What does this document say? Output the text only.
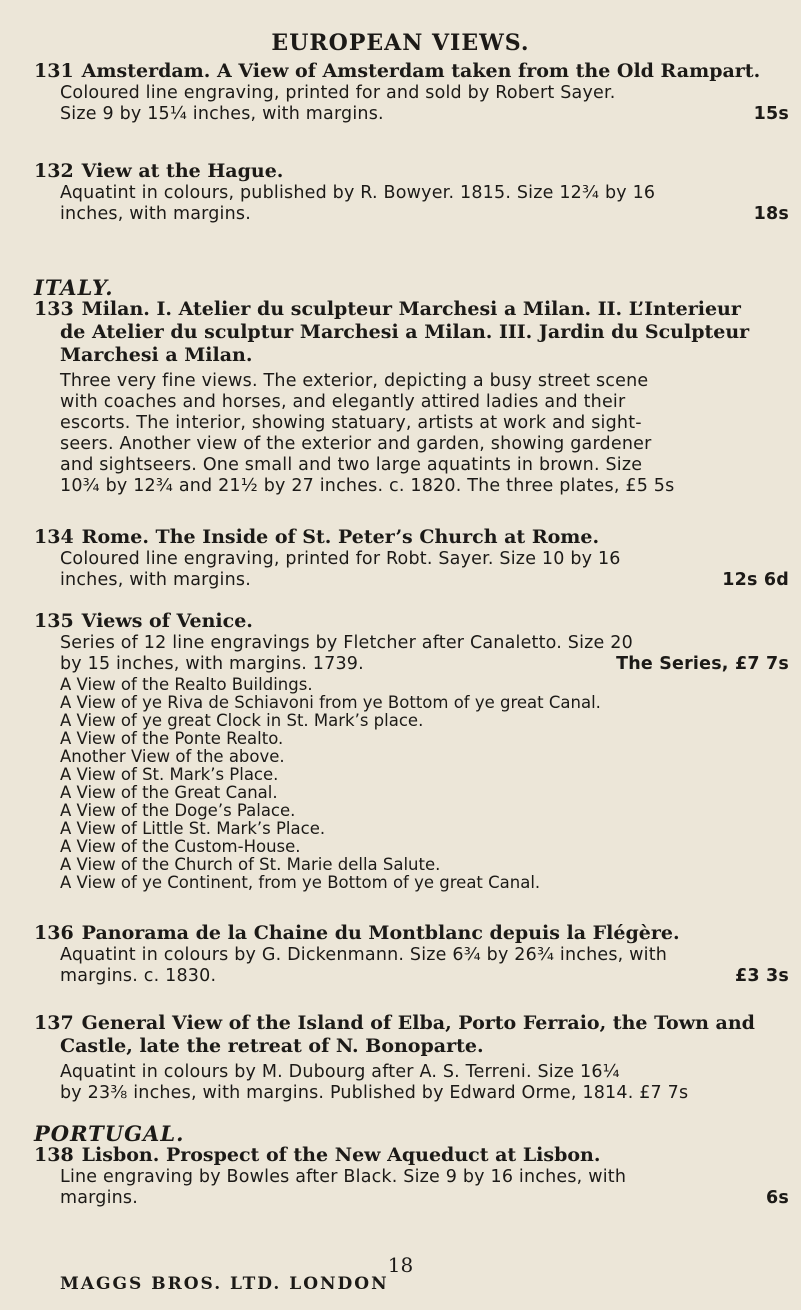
EUROPEAN VIEWS.
131 Amsterdam. A View of Amsterdam taken from the Old Rampart.
Coloured line engraving, printed for and sold by Robert Sayer.
Size 9 by 15¼ inches, with margins.	15s
132 View at the Hague.
Aquatint in colours, published by R. Bowyer. 1815. Size 12¾ by 16
inches, with margins.	18s
ITALY.
133 Milan. I. Atelier du sculpteur Marchesi a Milan. II. L’Interieur
de Atelier du sculptur Marchesi a Milan. III. Jardin du Sculpteur
Marchesi a Milan.
Three very fine views. The exterior, depicting a busy street scene
with coaches and horses, and elegantly attired ladies and their
escorts. The interior, showing statuary, artists at work and sight-
seers. Another view of the exterior and garden, showing gardener
and sightseers. One small and two large aquatints in brown. Size
10¾ by 12¾ and 21½ by 27 inches. c. 1820. The three plates, £5 5s
134 Rome. The Inside of St. Peter’s Church at Rome.
Coloured line engraving, printed for Robt. Sayer. Size 10 by 16
inches, with margins.	12s 6d
135 Views of Venice.
Series of 12 line engravings by Fletcher after Canaletto. Size 20
by 15 inches, with margins. 1739.	The Series, £7 7s
A View of the Realto Buildings.
A View of ye Riva de Schiavoni from ye Bottom of ye great Canal.
A View of ye great Clock in St. Mark’s place.
A View of the Ponte Realto.
Another View of the above.
A View of St. Mark’s Place.
A View of the Great Canal.
A View of the Doge’s Palace.
A View of Little St. Mark’s Place.
A View of the Custom-House.
A View of the Church of St. Marie della Salute.
A View of ye Continent, from ye Bottom of ye great Canal.
136 Panorama de la Chaine du Montblanc depuis la Flégère.
Aquatint in colours by G. Dickenmann. Size 6¾ by 26¾ inches, with
margins. c. 1830.	£3 3s
137 General View of the Island of Elba, Porto Ferraio, the Town and
Castle, late the retreat of N. Bonoparte.
Aquatint in colours by M. Dubourg after A. S. Terreni. Size 16¼
by 23⅜ inches, with margins. Published by Edward Orme, 1814. £7 7s
PORTUGAL.
138 Lisbon. Prospect of the New Aqueduct at Lisbon.
Line engraving by Bowles after Black. Size 9 by 16 inches, with
margins.	6s
18
MAGGS BROS. LTD. LONDON
